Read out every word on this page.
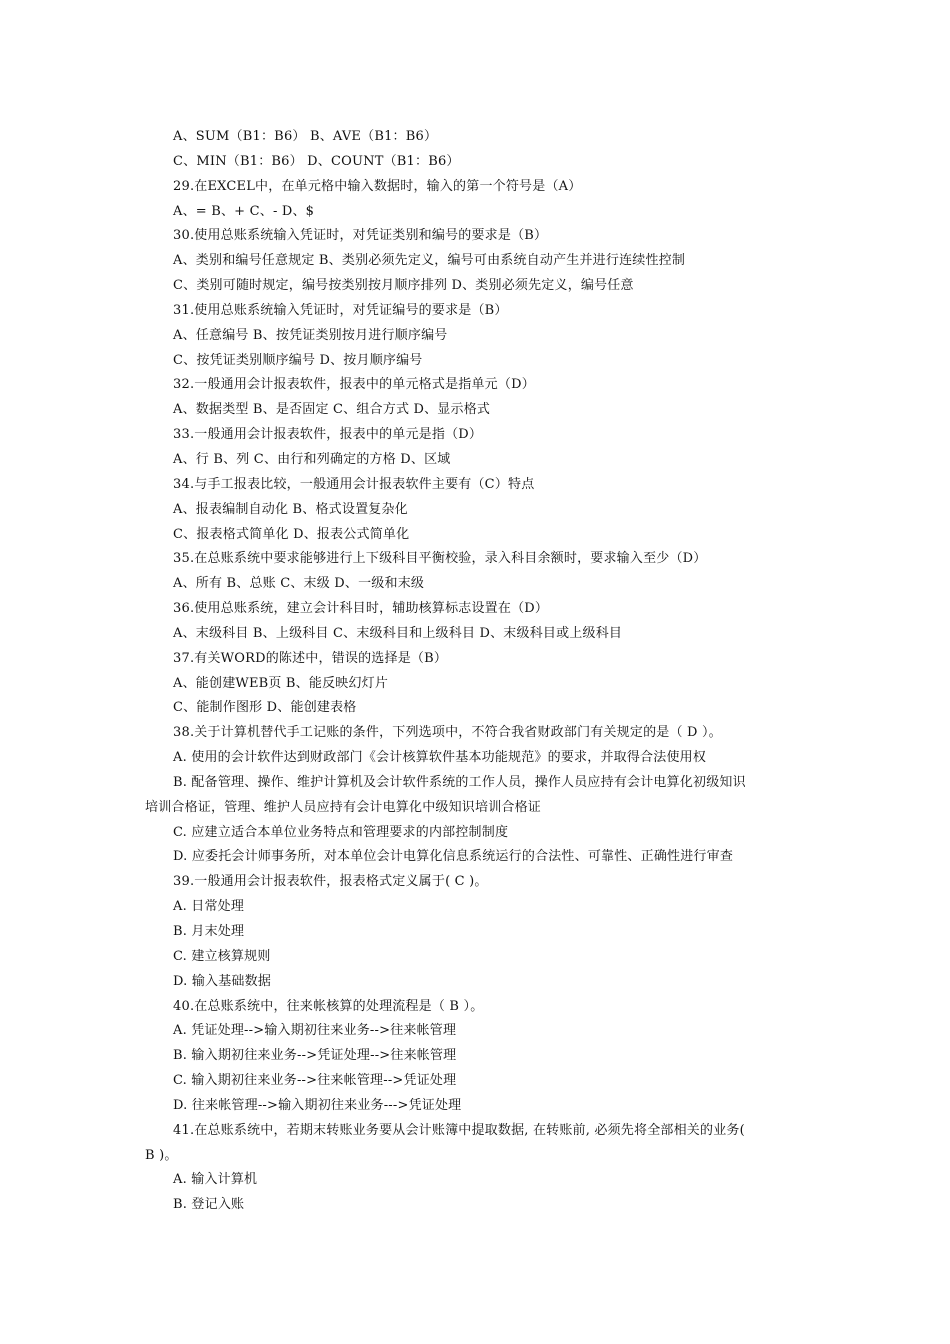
A、SUM（B1：B6） B、AVE（B1：B6）
C、MIN（B1：B6） D、COUNT（B1：B6）
29.在EXCEL中，在单元格中输入数据时，输入的第一个符号是（A）
A、= B、+ C、- D、$
30.使用总账系统输入凭证时，对凭证类别和编号的要求是（B）
A、类别和编号任意规定 B、类别必须先定义，编号可由系统自动产生并进行连续性控制
C、类别可随时规定，编号按类别按月顺序排列 D、类别必须先定义，编号任意
31.使用总账系统输入凭证时，对凭证编号的要求是（B）
A、任意编号 B、按凭证类别按月进行顺序编号
C、按凭证类别顺序编号 D、按月顺序编号
32.一般通用会计报表软件，报表中的单元格式是指单元（D）
A、数据类型 B、是否固定 C、组合方式 D、显示格式
33.一般通用会计报表软件，报表中的单元是指（D）
A、行 B、列 C、由行和列确定的方格 D、区域
34.与手工报表比较，一般通用会计报表软件主要有（C）特点
A、报表编制自动化 B、格式设置复杂化
C、报表格式简单化 D、报表公式简单化
35.在总账系统中要求能够进行上下级科目平衡校验，录入科目余额时，要求输入至少（D）
A、所有 B、总账 C、末级 D、一级和末级
36.使用总账系统，建立会计科目时，辅助核算标志设置在（D）
A、末级科目 B、上级科目 C、末级科目和上级科目 D、末级科目或上级科目
37.有关WORD的陈述中，错误的选择是（B）
A、能创建WEB页 B、能反映幻灯片
C、能制作图形 D、能创建表格
38.关于计算机替代手工记账的条件，下列选项中，不符合我省财政部门有关规定的是（ D ）。
A. 使用的会计软件达到财政部门《会计核算软件基本功能规范》的要求，并取得合法使用权
B. 配备管理、操作、维护计算机及会计软件系统的工作人员，操作人员应持有会计电算化初级知识
培训合格证，管理、维护人员应持有会计电算化中级知识培训合格证
C. 应建立适合本单位业务特点和管理要求的内部控制制度
D. 应委托会计师事务所，对本单位会计电算化信息系统运行的合法性、可靠性、正确性进行审查
39.一般通用会计报表软件，报表格式定义属于( C )。
A. 日常处理
B. 月末处理
C. 建立核算规则
D. 输入基础数据
40.在总账系统中，往来帐核算的处理流程是（ B ）。
A. 凭证处理-->输入期初往来业务-->往来帐管理
B. 输入期初往来业务-->凭证处理-->往来帐管理
C. 输入期初往来业务-->往来帐管理-->凭证处理
D. 往来帐管理-->输入期初往来业务--->凭证处理
41.在总账系统中，若期末转账业务要从会计账簿中提取数据, 在转账前, 必须先将全部相关的业务(
B )。
A. 输入计算机
B. 登记入账
